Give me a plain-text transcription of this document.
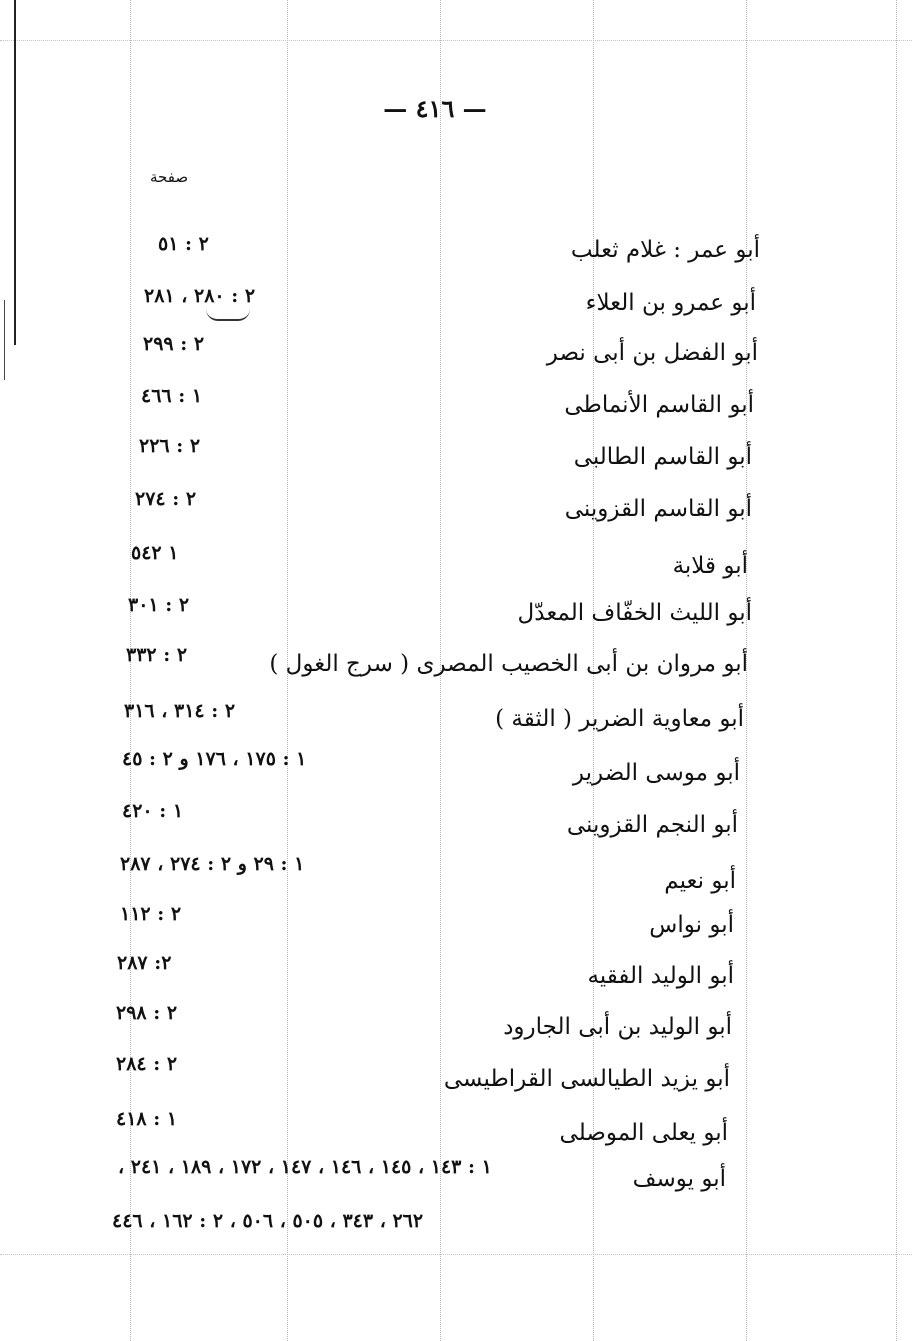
— ٤١٦ —
صفحة
أبو عمر : غلام ثعلب
٢ : ٥١
أبو عمرو بن العلاء
٢ : ٢٨٠ ، ٢٨١
أبو الفضل بن أبى نصر
٢ : ٢٩٩
أبو القاسم الأنماطى
١ : ٤٦٦
أبو القاسم الطالبى
٢ : ٢٢٦
أبو القاسم القزوينى
٢ : ٢٧٤
أبو قلابة
١ ٥٤٢
أبو الليث الخفّاف المعدّل
٢ : ٣٠١
أبو مروان بن أبى الخصيب المصرى ( سرج الغول )
٢ : ٣٣٢
أبو معاوية الضرير ( الثقة )
٢ : ٣١٤ ، ٣١٦
أبو موسى الضرير
١ : ١٧٥ ، ١٧٦ و ٢ : ٤٥
أبو النجم القزوينى
١ : ٤٢٠
أبو نعيم
١ : ٢٩ و ٢ : ٢٧٤ ، ٢٨٧
أبو نواس
٢ : ١١٢
أبو الوليد الفقيه
٢: ٢٨٧
أبو الوليد بن أبى الجارود
٢ : ٢٩٨
أبو يزيد الطيالسى القراطيسى
٢ : ٢٨٤
أبو يعلى الموصلى
١ : ٤١٨
أبو يوسف
١ : ١٤٣ ، ١٤٥ ، ١٤٦ ، ١٤٧ ، ١٧٢ ، ١٨٩ ، ٢٤١ ،
٢٦٢ ، ٣٤٣ ، ٥٠٥ ، ٥٠٦ ، ٢ : ١٦٢ ، ٤٤٦
